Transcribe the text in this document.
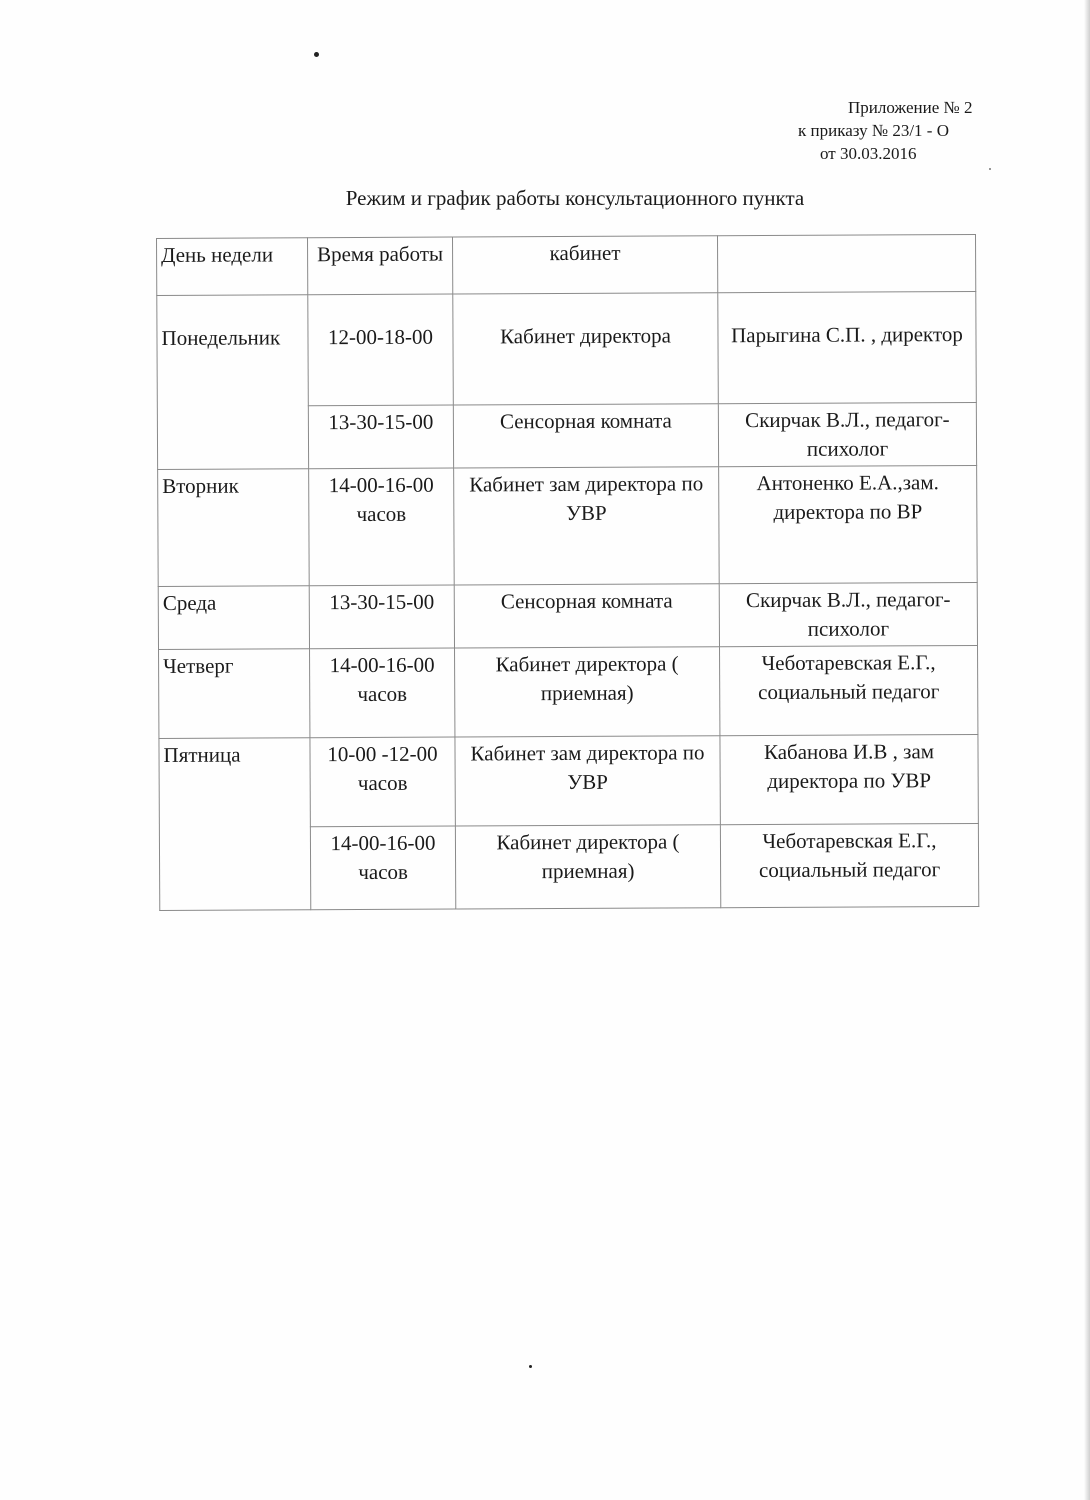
Приложение № 2
к приказу № 23/1 - О
от 30.03.2016
Режим и график работы консультационного пункта
День недели	Время работы	кабинет	
Понедельник	12-00-18-00	Кабинет директора	Парыгина С.П. , директор
	13-30-15-00	Сенсорная комната	Скирчак В.Л., педагог-психолог
Вторник	14-00-16-00 часов	Кабинет зам директора по УВР	Антоненко Е.А.,зам. директора по ВР
Среда	13-30-15-00	Сенсорная комната	Скирчак В.Л., педагог-психолог
Четверг	14-00-16-00 часов	Кабинет директора ( приемная)	Чеботаревская Е.Г., социальный педагог
Пятница	10-00 -12-00 часов	Кабинет зам директора по УВР	Кабанова И.В , зам директора по УВР
	14-00-16-00 часов	Кабинет директора ( приемная)	Чеботаревская Е.Г., социальный педагог
